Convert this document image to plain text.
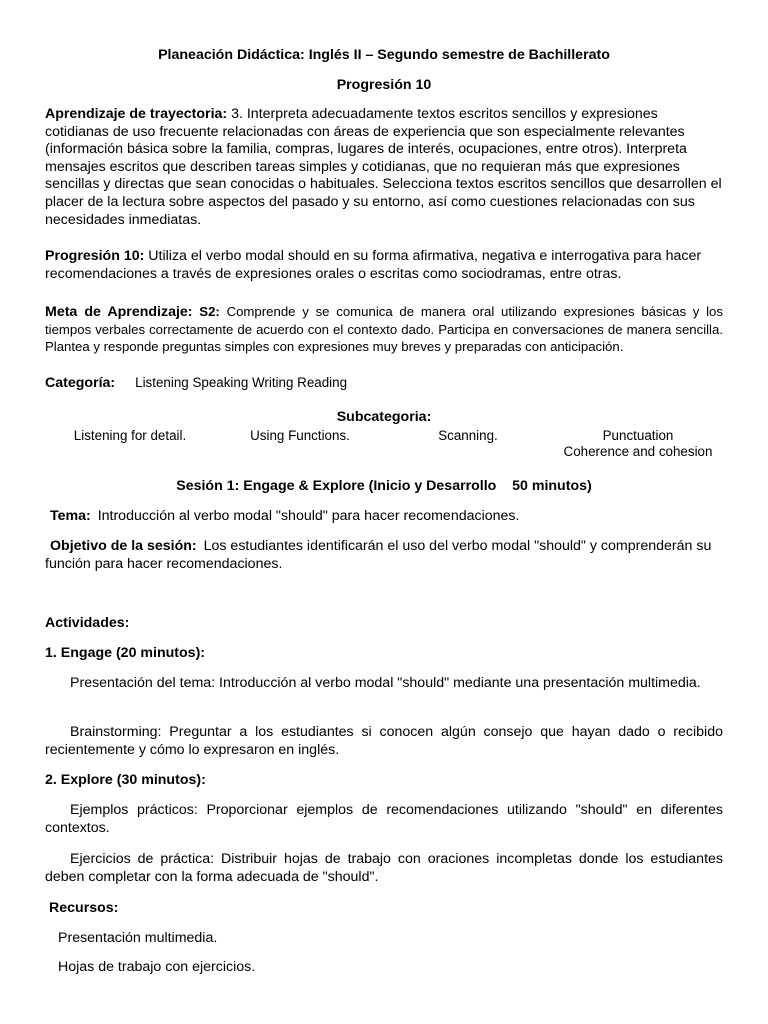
Planeación Didáctica: Inglés II – Segundo semestre de Bachillerato
Progresión 10
Aprendizaje de trayectoria: 3. Interpreta adecuadamente textos escritos sencillos y expresiones cotidianas de uso frecuente relacionadas con áreas de experiencia que son especialmente relevantes (información básica sobre la familia, compras, lugares de interés, ocupaciones, entre otros). Interpreta mensajes escritos que describen tareas simples y cotidianas, que no requieran más que expresiones sencillas y directas que sean conocidas o habituales. Selecciona textos escritos sencillos que desarrollen el placer de la lectura sobre aspectos del pasado y su entorno, así como cuestiones relacionadas con sus necesidades inmediatas.
Progresión 10: Utiliza el verbo modal should en su forma afirmativa, negativa e interrogativa para hacer recomendaciones a través de expresiones orales o escritas como sociodramas, entre otras.
Meta de Aprendizaje: S2: Comprende y se comunica de manera oral utilizando expresiones básicas y los tiempos verbales correctamente de acuerdo con el contexto dado. Participa en conversaciones de manera sencilla. Plantea y responde preguntas simples con expresiones muy breves y preparadas con anticipación.
Categoría: Listening Speaking Writing Reading
Subcategoria:
Listening for detail.	Using Functions.	Scanning.	Punctuation
Coherence and cohesion
Sesión 1: Engage & Explore (Inicio y Desarrollo    50 minutos)
Tema: Introducción al verbo modal "should" para hacer recomendaciones.
Objetivo de la sesión: Los estudiantes identificarán el uso del verbo modal "should" y comprenderán su función para hacer recomendaciones.
Actividades:
1. Engage (20 minutos):
Presentación del tema: Introducción al verbo modal "should" mediante una presentación multimedia.
Brainstorming: Preguntar a los estudiantes si conocen algún consejo que hayan dado o recibido recientemente y cómo lo expresaron en inglés.
2. Explore (30 minutos):
Ejemplos prácticos: Proporcionar ejemplos de recomendaciones utilizando "should" en diferentes contextos.
Ejercicios de práctica: Distribuir hojas de trabajo con oraciones incompletas donde los estudiantes deben completar con la forma adecuada de "should".
Recursos:
Presentación multimedia.
Hojas de trabajo con ejercicios.
